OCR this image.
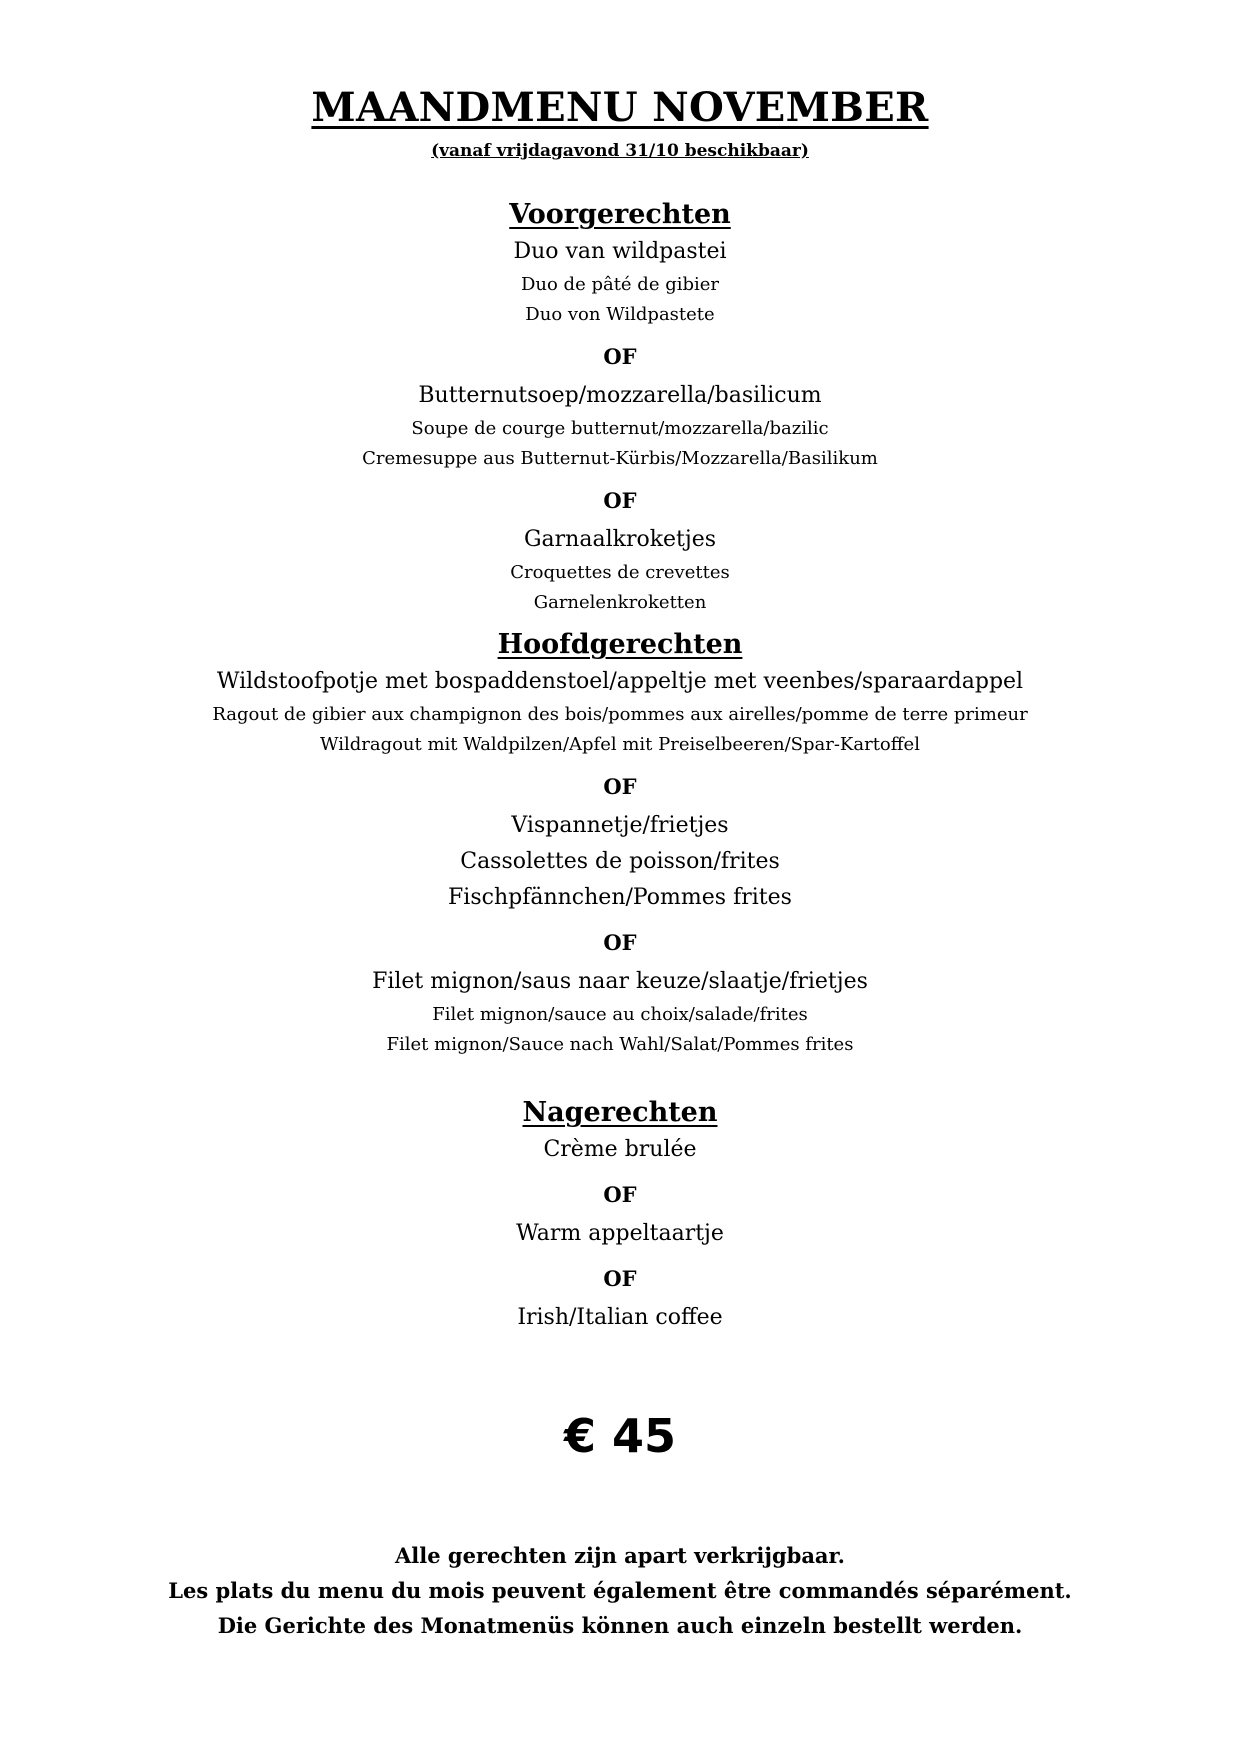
MAANDMENU NOVEMBER

(vanaf vrijdagavond 31/10 beschikbaar)

Voorgerechten

Duo van wildpastei

Duo de pâté de gibier

Duo von Wildpastete

OF

Butternutsoep/mozzarella/basilicum

Soupe de courge butternut/mozzarella/bazilic

Cremesuppe aus Butternut-Kürbis/Mozzarella/Basilikum

OF

Garnaalkroketjes

Croquettes de crevettes

Garnelenkroketten

Hoofdgerechten

Wildstoofpotje met bospaddenstoel/appeltje met veenbes/sparaardappel

Ragout de gibier aux champignon des bois/pommes aux airelles/pomme de terre primeur

Wildragout mit Waldpilzen/Apfel mit Preiselbeeren/Spar-Kartoffel

OF

Vispannetje/frietjes

Cassolettes de poisson/frites

Fischpfännchen/Pommes frites

OF

Filet mignon/saus naar keuze/slaatje/frietjes

Filet mignon/sauce au choix/salade/frites

Filet mignon/Sauce nach Wahl/Salat/Pommes frites

Nagerechten

Crème brulée

OF

Warm appeltaartje

OF

Irish/Italian coffee

€ 45

Alle gerechten zijn apart verkrijgbaar.

Les plats du menu du mois peuvent également être commandés séparément.

Die Gerichte des Monatmenüs können auch einzeln bestellt werden.
